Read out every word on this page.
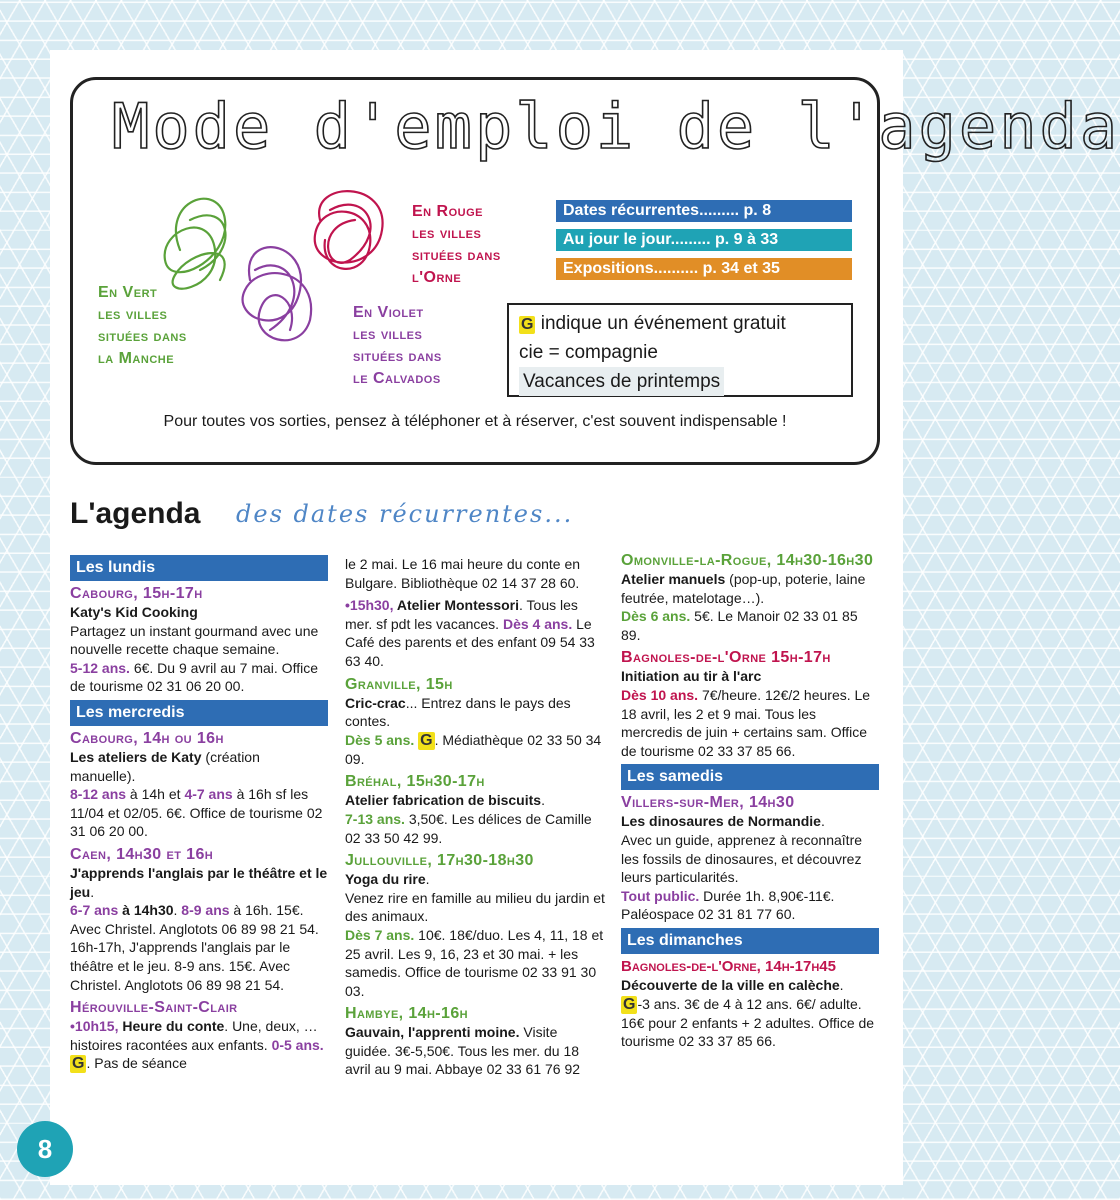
Mode d'emploi de l'agenda
En Vert
les villes
situées dans
la Manche
En Rouge
les villes
situées dans
l'Orne
En Violet
les villes
situées dans
le Calvados
Dates récurrentes......... p. 8
Au jour le jour......... p. 9 à 33
Expositions.......... p. 34 et 35
G indique un événement gratuit
cie = compagnie
Vacances de printemps
Pour toutes vos sorties, pensez à téléphoner et à réserver, c'est souvent indispensable !
L'agenda des dates récurrentes...
Les lundis
Cabourg, 15h-17h
Katy's Kid Cooking
Partagez un instant gourmand avec une nouvelle recette chaque semaine.
5-12 ans. 6€. Du 9 avril au 7 mai. Office de tourisme 02 31 06 20 00.
Les mercredis
Cabourg, 14h ou 16h
Les ateliers de Katy (création manuelle).
8-12 ans à 14h et 4-7 ans à 16h sf les 11/04 et 02/05. 6€. Office de tourisme 02 31 06 20 00.
Caen, 14h30 et 16h
J'apprends l'anglais par le théâtre et le jeu.
6-7 ans à 14h30. 8-9 ans à 16h. 15€. Avec Christel. Anglotots 06 89 98 21 54.
16h-17h, J'apprends l'anglais par le théâtre et le jeu. 8-9 ans. 15€. Avec Christel. Anglotots 06 89 98 21 54.
Hérouville-Saint-Clair
•10h15, Heure du conte. Une, deux, … histoires racontées aux enfants. 0-5 ans. G . Pas de séance
le 2 mai. Le 16 mai heure du conte en Bulgare. Bibliothèque 02 14 37 28 60.
•15h30, Atelier Montessori. Tous les mer. sf pdt les vacances. Dès 4 ans. Le Café des parents et des enfant 09 54 33 63 40.
Granville, 15h
Cric-crac... Entrez dans le pays des contes.
Dès 5 ans. G . Médiathèque 02 33 50 34 09.
Bréhal, 15h30-17h
Atelier fabrication de biscuits.
7-13 ans. 3,50€. Les délices de Camille 02 33 50 42 99.
Jullouville, 17h30-18h30
Yoga du rire.
Venez rire en famille au milieu du jardin et des animaux.
Dès 7 ans. 10€. 18€/duo. Les 4, 11, 18 et 25 avril. Les 9, 16, 23 et 30 mai. + les samedis. Office de tourisme 02 33 91 30 03.
Hambye, 14h-16h
Gauvain, l'apprenti moine. Visite guidée. 3€-5,50€. Tous les mer. du 18 avril au 9 mai. Abbaye 02 33 61 76 92
Omonville-la-Rogue, 14h30-16h30
Atelier manuels (pop-up, poterie, laine feutrée, matelotage…).
Dès 6 ans. 5€. Le Manoir 02 33 01 85 89.
Bagnoles-de-l'Orne 15h-17h
Initiation au tir à l'arc
Dès 10 ans. 7€/heure. 12€/2 heures. Le 18 avril, les 2 et 9 mai. Tous les mercredis de juin + certains sam. Office de tourisme 02 33 37 85 66.
Les samedis
Villers-sur-Mer, 14h30
Les dinosaures de Normandie.
Avec un guide, apprenez à reconnaître les fossils de dinosaures, et découvrez leurs particularités.
Tout public. Durée 1h. 8,90€-11€. Paléospace 02 31 81 77 60.
Les dimanches
Bagnoles-de-l'Orne, 14h-17h45
Découverte de la ville en calèche.
G -3 ans. 3€ de 4 à 12 ans. 6€/ adulte. 16€ pour 2 enfants + 2 adultes. Office de tourisme 02 33 37 85 66.
8
